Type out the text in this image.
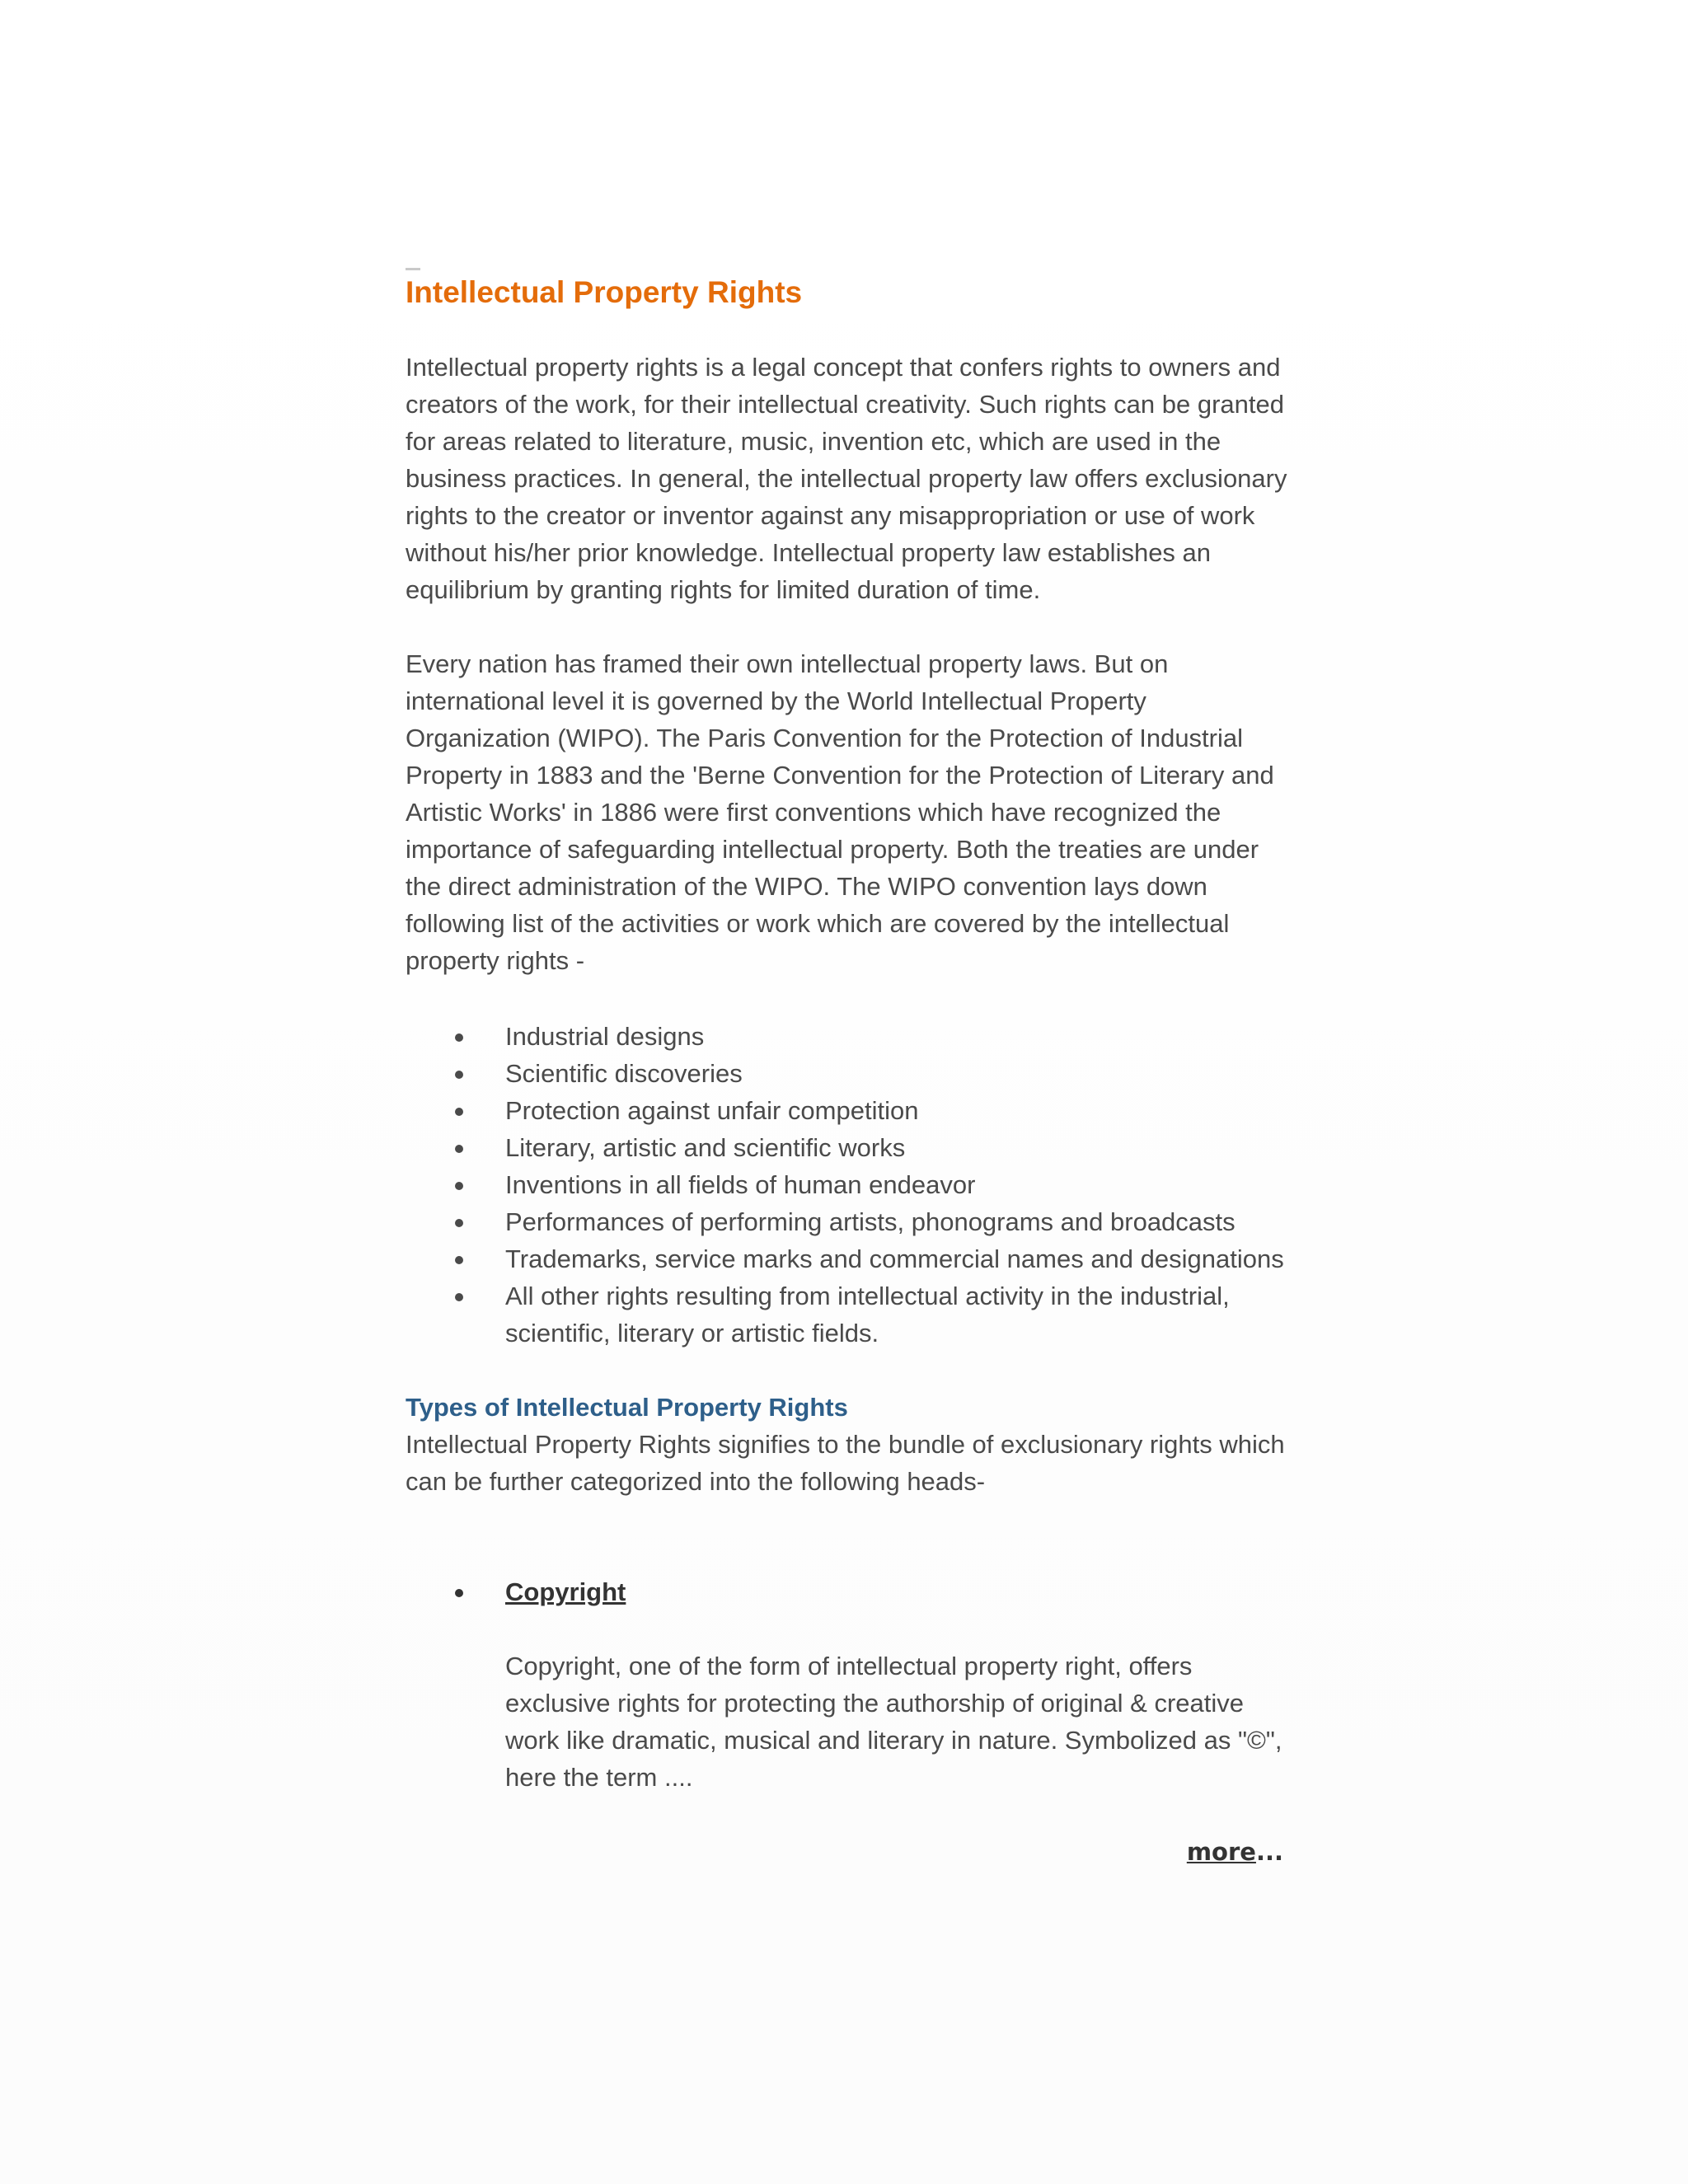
Intellectual Property Rights

Intellectual property rights is a legal concept that confers rights to owners and creators of the work, for their intellectual creativity. Such rights can be granted for areas related to literature, music, invention etc, which are used in the business practices. In general, the intellectual property law offers exclusionary rights to the creator or inventor against any misappropriation or use of work without his/her prior knowledge. Intellectual property law establishes an equilibrium by granting rights for limited duration of time.

Every nation has framed their own intellectual property laws. But on international level it is governed by the World Intellectual Property Organization (WIPO). The Paris Convention for the Protection of Industrial Property in 1883 and the 'Berne Convention for the Protection of Literary and Artistic Works' in 1886 were first conventions which have recognized the importance of safeguarding intellectual property. Both the treaties are under the direct administration of the WIPO. The WIPO convention lays down following list of the activities or work which are covered by the intellectual property rights -

Industrial designs
Scientific discoveries
Protection against unfair competition
Literary, artistic and scientific works
Inventions in all fields of human endeavor
Performances of performing artists, phonograms and broadcasts
Trademarks, service marks and commercial names and designations
All other rights resulting from intellectual activity in the industrial, scientific, literary or artistic fields.
Types of Intellectual Property Rights

Intellectual Property Rights signifies to the bundle of exclusionary rights which can be further categorized into the following heads-

Copyright

Copyright, one of the form of intellectual property right, offers exclusive rights for protecting the authorship of original & creative work like dramatic, musical and literary in nature. Symbolized as "©", here the term ....

more...
